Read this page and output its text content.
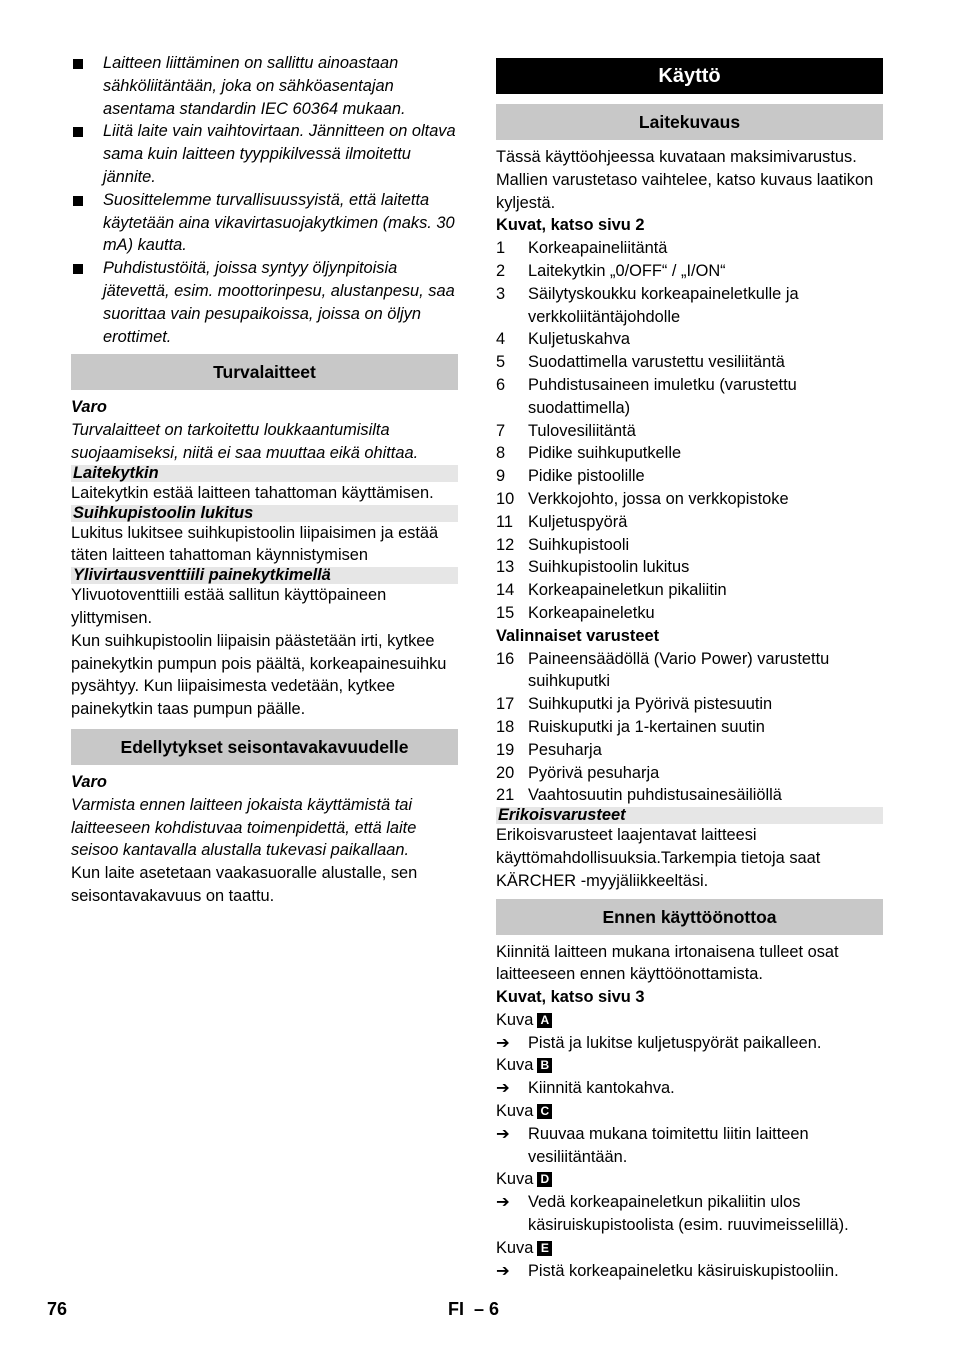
Laitteen liittäminen on sallittu ainoastaan sähköliitäntään, joka on sähköasentajan asentama standardin IEC 60364 mukaan.
Liitä laite vain vaihtovirtaan. Jännitteen on oltava sama kuin laitteen tyyppikilvessä ilmoitettu jännite.
Suosittelemme turvallisuussyistä, että laitetta käytetään aina vikavirtasuojakytkimen (maks. 30 mA) kautta.
Puhdistustöitä, joissa syntyy öljynpitoisia jätevettä, esim. moottorinpesu, alustanpesu, saa suorittaa vain pesupaikoissa, joissa on öljyn erottimet.
Turvalaitteet

Varo

Turvalaitteet on tarkoitettu loukkaantumisilta suojaamiseksi, niitä ei saa muuttaa eikä ohittaa.

Laitekytkin

Laitekytkin estää laitteen tahattoman käyttämisen.

Suihkupistoolin lukitus

Lukitus lukitsee suihkupistoolin liipaisimen ja estää täten laitteen tahattoman käynnistymisen

Ylivirtausventtiili painekytkimellä

Ylivuotoventtiili estää sallitun käyttöpaineen ylittymisen.

Kun suihkupistoolin liipaisin päästetään irti, kytkee painekytkin pumpun pois päältä, korkeapainesuihku pysähtyy. Kun liipaisimesta vedetään, kytkee painekytkin taas pumpun päälle.

Edellytykset seisontavakavuudelle

Varo

Varmista ennen laitteen jokaista käyttämistä tai laitteeseen kohdistuvaa toimenpidettä, että laite seisoo kantavalla alustalla tukevasi paikallaan.

Kun laite asetetaan vaakasuoralle alustalle, sen seisontavakavuus on taattu.

Käyttö
Laitekuvaus

Tässä käyttöohjeessa kuvataan maksimivarustus. Mallien varustetaso vaihtelee, katso kuvaus laatikon kyljestä.

Kuvat, katso sivu 2

1 Korkeapaineliitäntä
2 Laitekytkin „0/OFF“ / „I/ON“
3 Säilytyskoukku korkeapaineletkulle ja verkkoliitäntäjohdolle
4 Kuljetuskahva
5 Suodattimella varustettu vesiliitäntä
6 Puhdistusaineen imuletku (varustettu suodattimella)
7 Tulovesiliitäntä
8 Pidike suihkuputkelle
9 Pidike pistoolille
10 Verkkojohto, jossa on verkkopistoke
11 Kuljetuspyörä
12 Suihkupistooli
13 Suihkupistoolin lukitus
14 Korkeapaineletkun pikaliitin
15 Korkeapaineletku

Valinnaiset varusteet

16 Paineensäädöllä (Vario Power) varustettu suihkuputki
17 Suihkuputki ja Pyörivä pistesuutin
18 Ruiskuputki ja 1-kertainen suutin
19 Pesuharja
20 Pyörivä pesuharja
21 Vaahtosuutin puhdistusainesäiliöllä
Erikoisvarusteet

Erikoisvarusteet laajentavat laitteesi käyttömahdollisuuksia.Tarkempia tietoja saat KÄRCHER -myyjäliikkeeltäsi.

Ennen käyttöönottoa

Kiinnitä laitteen mukana irtonaisena tulleet osat laitteeseen ennen käyttöönottamista.

Kuvat, katso sivu 3

Kuva A

➔ Pistä ja lukitse kuljetuspyörät paikalleen.

Kuva B

➔ Kiinnitä kantokahva.

Kuva C

➔ Ruuvaa mukana toimitettu liitin laitteen vesiliitäntään.

Kuva D

➔ Vedä korkeapaineletkun pikaliitin ulos käsiruiskupistoolista (esim. ruuvimeisselillä).

Kuva E

➔ Pistä korkeapaineletku käsiruiskupistooliin.
76	FI – 6
